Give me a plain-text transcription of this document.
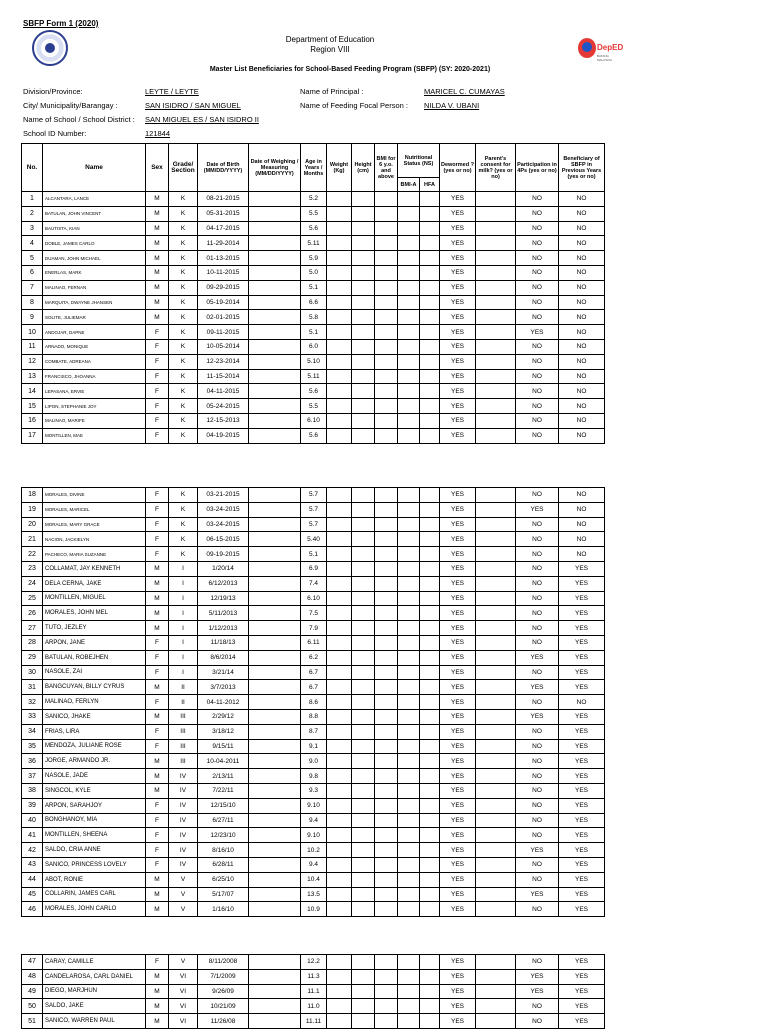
SBFP Form 1 (2020)
Department of Education
Region VIII	DepED
BATANG MALUSOG
Master List Beneficiaries for School-Based Feeding Program (SBFP) (SY: 2020-2021)
Division/Province:	LEYTE / LEYTE
City/ Municipality/Barangay :	SAN ISIDRO / SAN MIGUEL
Name of School / School District : SAN MIGUEL ES / SAN ISIDRO II
School ID Number:	121844
Name of Principal :	MARICEL C. CUMAYAS
Name of Feeding Focal Person : NILDA V. UBANI
No.	Name	Sex	Grade/ Section	Date of Birth (MM/DD/YYYY)	Date of Weighing / Measuring (MM/DD/YYYY)	Age in Years / Months	Weight (Kg)	Height (cm)	BMI for 6 y.o. and above	Nutritional Status (NS)		Dewormed ? (yes or no)	Parent's consent for milk? (yes or no)	Participation in 4Ps (yes or no)	Beneficiary of SBFP in Previous Years (yes or no)
										BMI-A	HFA				
1	ALCANTARA, LANCE	M	K	08-21-2015		5.2						YES		NO	NO
2	BATULAN, JOHN VINCENT	M	K	05-31-2015		5.5						YES		NO	NO
3	BAUTISTA, KIAN	M	K	04-17-2015		5.6						YES		NO	NO
4	DOBLE, JAMES CARLO	M	K	11-29-2014		5.11						YES		NO	NO
5	DUAMAN, JOHN MICHAEL	M	K	01-13-2015		5.9						YES		NO	NO
6	ENERLAS, MARK	M	K	10-11-2015		5.0						YES		NO	NO
7	MALINAO, FERNAN	M	K	09-29-2015		5.1						YES		NO	NO
8	MARQUITA, DWAYNE JHANSEN	M	K	05-19-2014		6.6						YES		NO	NO
9	SOLITE, JULIEMAR	M	K	02-01-2015		5.8						YES		NO	NO
10	ANDOJAR, DAPNE	F	K	09-11-2015		5.1						YES		YES	NO
11	ARNADO, MONIQUE	F	K	10-05-2014		6.0						YES		NO	NO
12	COMBATE, ADREANA	F	K	12-23-2014		5.10						YES		NO	NO
13	FRANCISCO, JHOANNA	F	K	11-15-2014		5.11						YES		NO	NO
14	LEPASANA, ERVIE	F	K	04-11-2015		5.6						YES		NO	NO
15	LIPON, STEPHANIE JOY	F	K	05-24-2015		5.5						YES		NO	NO
16	MALINAO, MARIFE	F	K	12-15-2013		6.10						YES		NO	NO
17	MONTILLEN, MAE	F	K	04-19-2015		5.6						YES		NO	NO
18	MORALES, DIVINE	F	K	03-21-2015		5.7						YES		NO	NO
19	MORALES, MARICEL	F	K	03-24-2015		5.7						YES		YES	NO
20	MORALES, MARY GRACE	F	K	03-24-2015		5.7						YES		NO	NO
21	NACION, JACKIELYN	F	K	06-15-2015		5.40						YES		NO	NO
22	PACHECO, MARIA SUZANNE	F	K	09-19-2015		5.1						YES		NO	NO
23	COLLAMAT, JAY KENNETH	M	I	1/20/14		6.9						YES		NO	YES
24	DELA CERNA, JAKE	M	I	6/12/2013		7.4						YES		NO	YES
25	MONTILLEN, MIGUEL	M	I	12/19/13		6.10						YES		NO	YES
26	MORALES, JOHN MEL	M	I	5/11/2013		7.5						YES		NO	YES
27	TUTO, JEZLEY	M	I	1/12/2013		7.9						YES		NO	YES
28	ARPON, JANE	F	I	11/18/13		6.11						YES		NO	YES
29	BATULAN, ROBEJHEN	F	I	8/6/2014		6.2						YES		YES	YES
30	NASOLE, ZAI	F	I	3/21/14		6.7						YES		NO	YES
31	BANGCUYAN, BILLY CYRUS	M	II	3/7/2013		6.7						YES		YES	YES
32	MALINAO, FERLYN	F	II	04-11-2012		8.6						YES		NO	NO
33	SANICO, JHAKE	M	III	2/29/12		8.8						YES		YES	YES
34	FRIAS, LIRA	F	III	3/18/12		8.7						YES		NO	YES
35	MENDOZA, JULIANE ROSE	F	III	9/15/11		9.1						YES		NO	YES
36	JORGE, ARMANDO JR.	M	III	10-04-2011		9.0						YES		NO	YES
37	NASOLE, JADE	M	IV	2/13/11		9.8						YES		NO	YES
38	SINGCOL, KYLE	M	IV	7/22/11		9.3						YES		NO	YES
39	ARPON, SARAHJOY	F	IV	12/15/10		9.10						YES		NO	YES
40	BONGHANOY, MIA	F	IV	6/27/11		9.4						YES		NO	YES
41	MONTILLEN, SHEENA	F	IV	12/23/10		9.10						YES		NO	YES
42	SALDO, CRIA ANNE	F	IV	8/16/10		10.2						YES		YES	YES
43	SANICO, PRINCESS LOVELY	F	IV	6/28/11		9.4						YES		NO	YES
44	ABOT, RONIE	M	V	6/25/10		10.4						YES		NO	YES
45	COLLARIN, JAMES CARL	M	V	5/17/07		13.5						YES		YES	YES
46	MORALES, JOHN CARLO	M	V	1/16/10		10.9						YES		NO	YES
47	CARAY, CAMILLE	F	V	8/11/2008		12.2						YES		NO	YES
48	CANDELAROSA, CARL DANIEL	M	VI	7/1/2009		11.3						YES		YES	YES
49	DIEGO, MARJHUN	M	VI	9/26/09		11.1						YES		YES	YES
50	SALDO, JAKE	M	VI	10/21/09		11.0						YES		NO	YES
51	SANICO, WARREN PAUL	M	VI	11/26/08		11.11						YES		NO	YES
